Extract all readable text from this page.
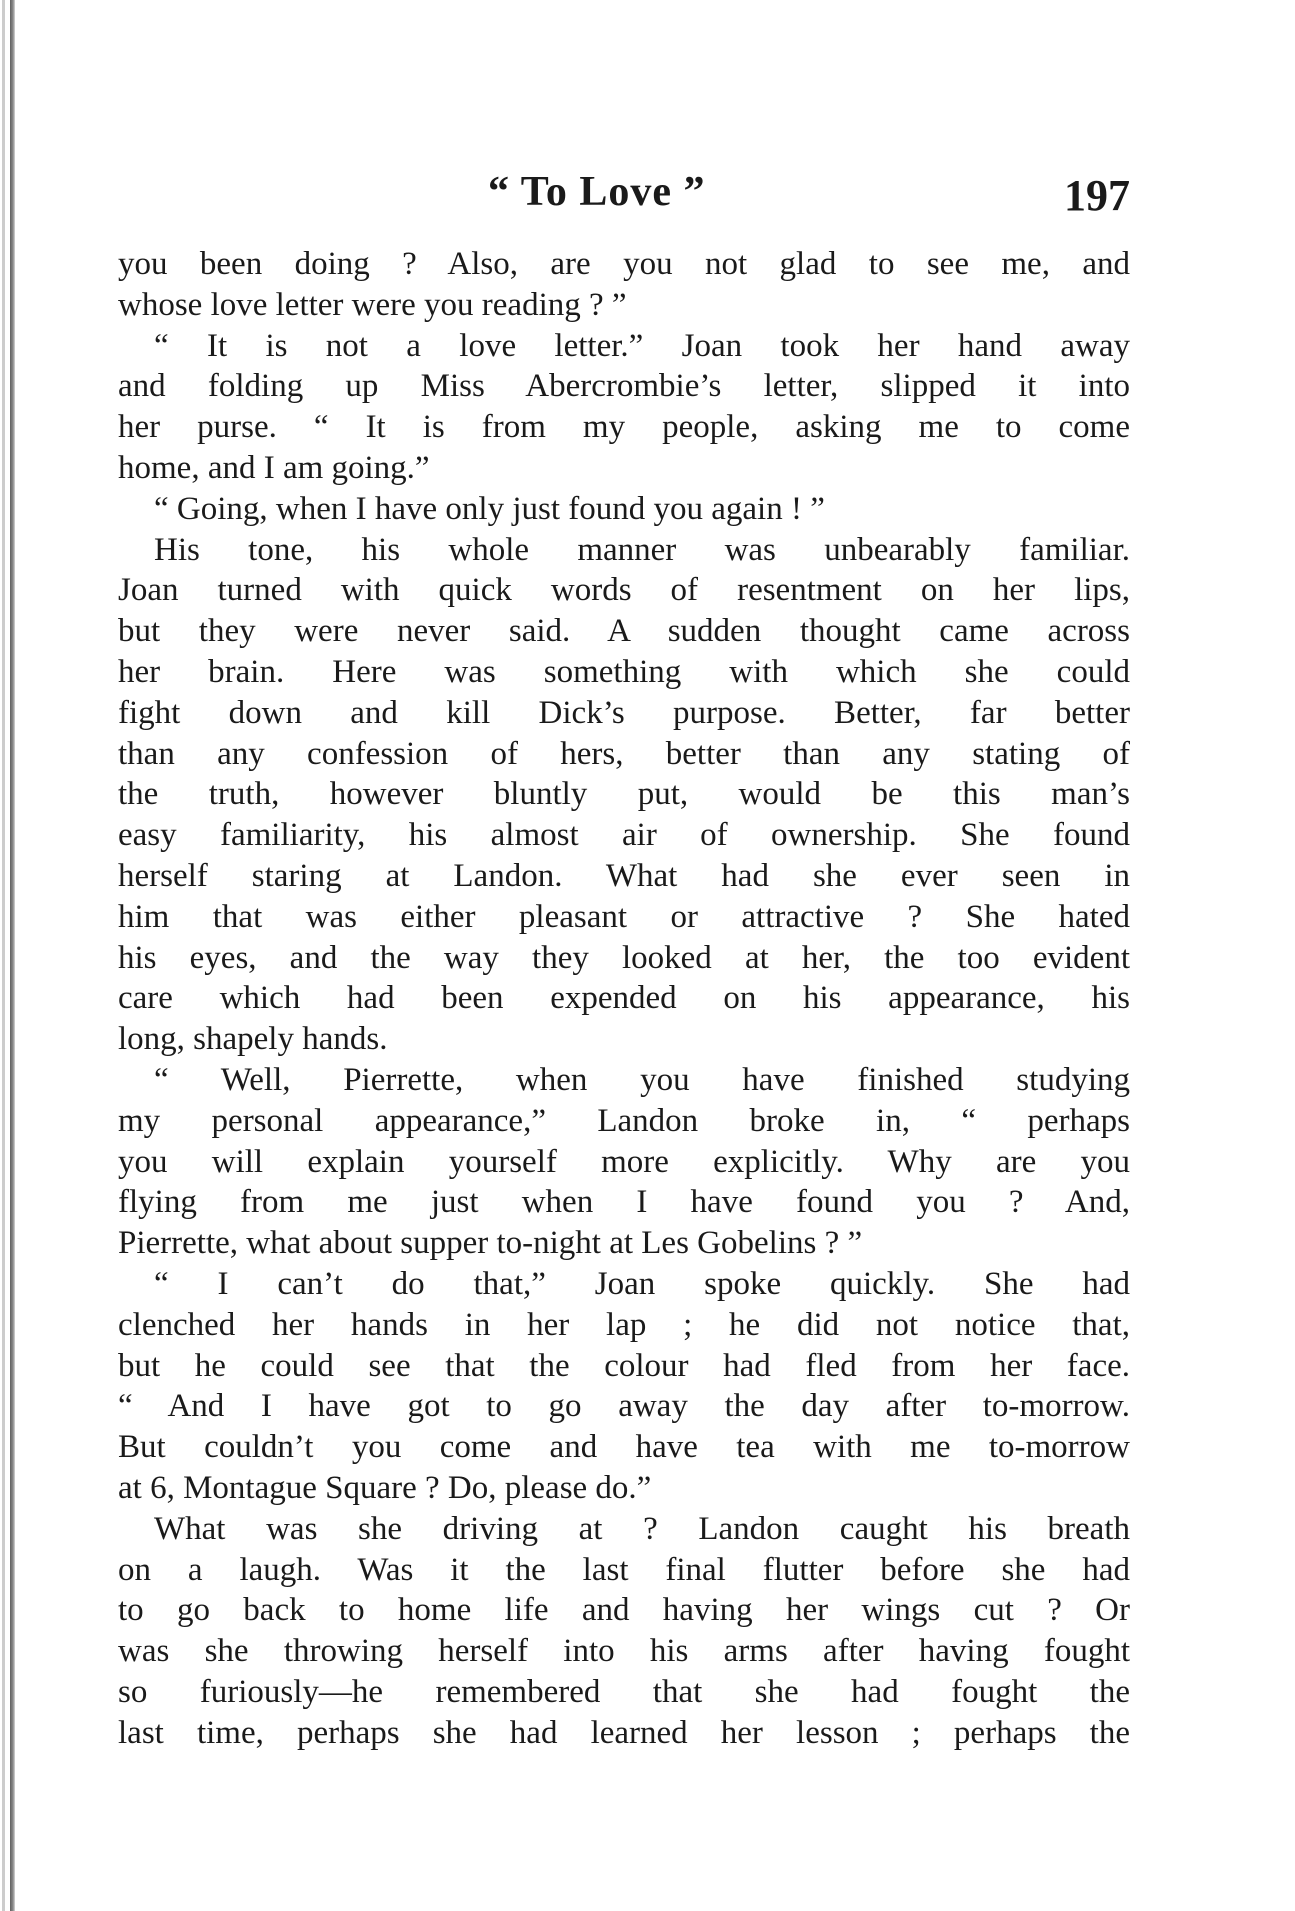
“ To Love ”	197
you been doing ? Also, are you not glad to see me, and
whose love letter were you reading ? ”
“ It is not a love letter.” Joan took her hand away
and folding up Miss Abercrombie’s letter, slipped it into
her purse. “ It is from my people, asking me to come
home, and I am going.”
“ Going, when I have only just found you again ! ”
His tone, his whole manner was unbearably familiar.
Joan turned with quick words of resentment on her lips,
but they were never said. A sudden thought came across
her brain. Here was something with which she could
fight down and kill Dick’s purpose. Better, far better
than any confession of hers, better than any stating of
the truth, however bluntly put, would be this man’s
easy familiarity, his almost air of ownership. She found
herself staring at Landon. What had she ever seen in
him that was either pleasant or attractive ? She hated
his eyes, and the way they looked at her, the too evident
care which had been expended on his appearance, his
long, shapely hands.
“ Well, Pierrette, when you have finished studying
my personal appearance,” Landon broke in, “ perhaps
you will explain yourself more explicitly. Why are you
flying from me just when I have found you ? And,
Pierrette, what about supper to-night at Les Gobelins ? ”
“ I can’t do that,” Joan spoke quickly. She had
clenched her hands in her lap ; he did not notice that,
but he could see that the colour had fled from her face.
“ And I have got to go away the day after to-morrow.
But couldn’t you come and have tea with me to-morrow
at 6, Montague Square ? Do, please do.”
What was she driving at ? Landon caught his breath
on a laugh. Was it the last final flutter before she had
to go back to home life and having her wings cut ? Or
was she throwing herself into his arms after having fought
so furiously—he remembered that she had fought the
last time, perhaps she had learned her lesson ; perhaps the
